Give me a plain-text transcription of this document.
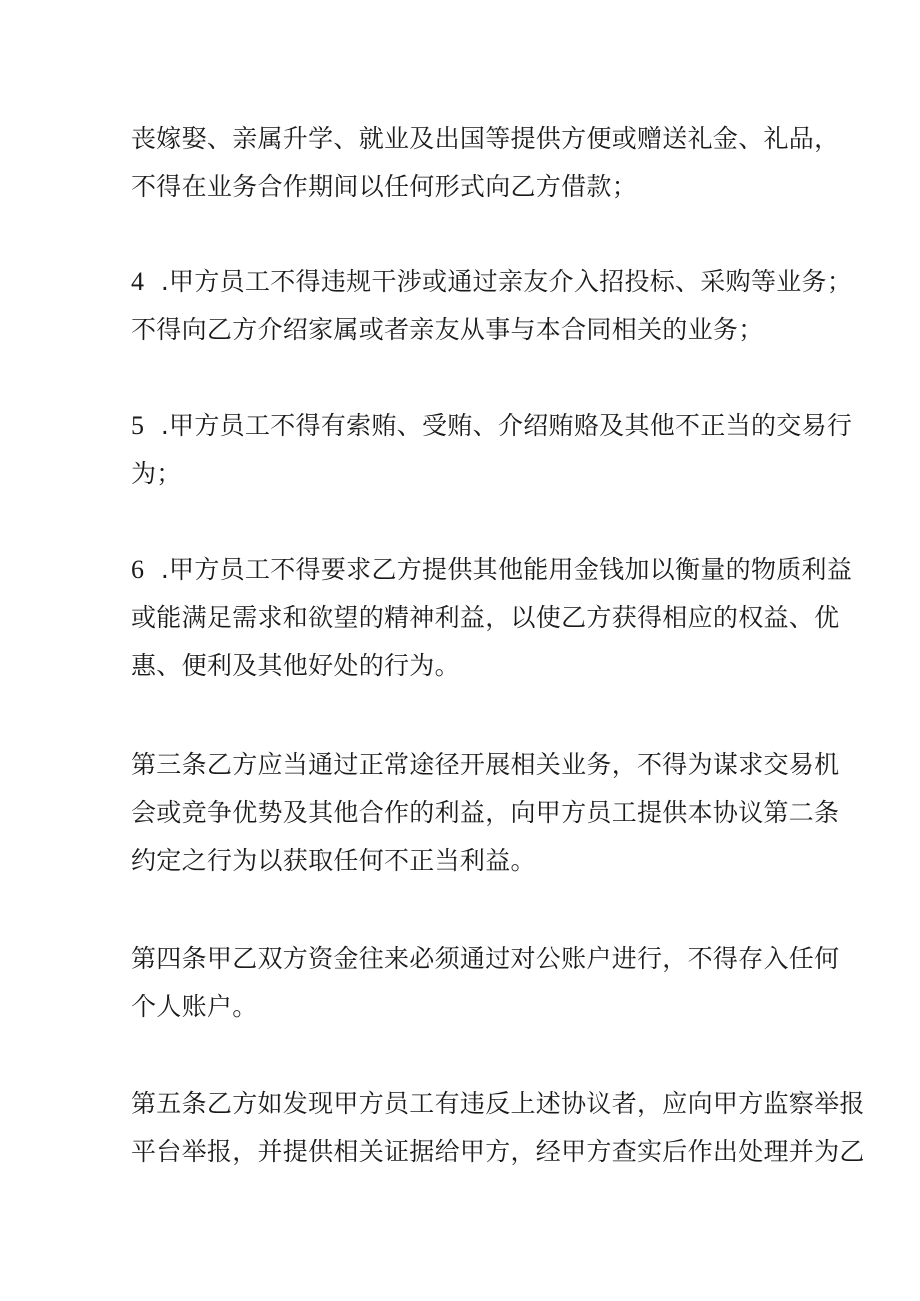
丧嫁娶、亲属升学、就业及出国等提供方便或赠送礼金、礼品，
不得在业务合作期间以任何形式向乙方借款；

4 .甲方员工不得违规干涉或通过亲友介入招投标、采购等业务；
不得向乙方介绍家属或者亲友从事与本合同相关的业务；

5 .甲方员工不得有索贿、受贿、介绍贿赂及其他不正当的交易行
为；

6 .甲方员工不得要求乙方提供其他能用金钱加以衡量的物质利益
或能满足需求和欲望的精神利益，以使乙方获得相应的权益、优
惠、便利及其他好处的行为。

第三条乙方应当通过正常途径开展相关业务，不得为谋求交易机
会或竞争优势及其他合作的利益，向甲方员工提供本协议第二条
约定之行为以获取任何不正当利益。

第四条甲乙双方资金往来必须通过对公账户进行，不得存入任何
个人账户。

第五条乙方如发现甲方员工有违反上述协议者，应向甲方监察举报
平台举报，并提供相关证据给甲方，经甲方查实后作出处理并为乙
